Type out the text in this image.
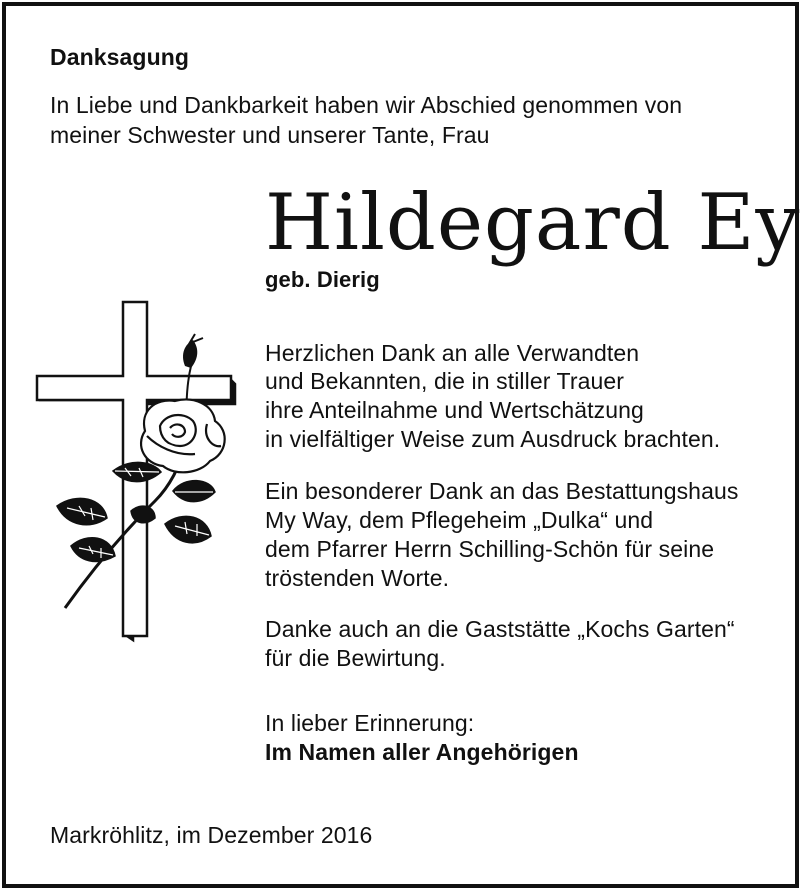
Danksagung
In Liebe und Dankbarkeit haben wir Abschied genommen von
meiner Schwester und unserer Tante, Frau
Hildegard Ey
geb. Dierig
Herzlichen Dank an alle Verwandten
und Bekannten, die in stiller Trauer
ihre Anteilnahme und Wertschätzung
in vielfältiger Weise zum Ausdruck brachten.
Ein besonderer Dank an das Bestattungshaus
My Way, dem Pflegeheim „Dulka“ und
dem Pfarrer Herrn Schilling-Schön für seine
tröstenden Worte.
Danke auch an die Gaststätte „Kochs Garten“
für die Bewirtung.
In lieber Erinnerung:
Im Namen aller Angehörigen
Markröhlitz, im Dezember 2016
